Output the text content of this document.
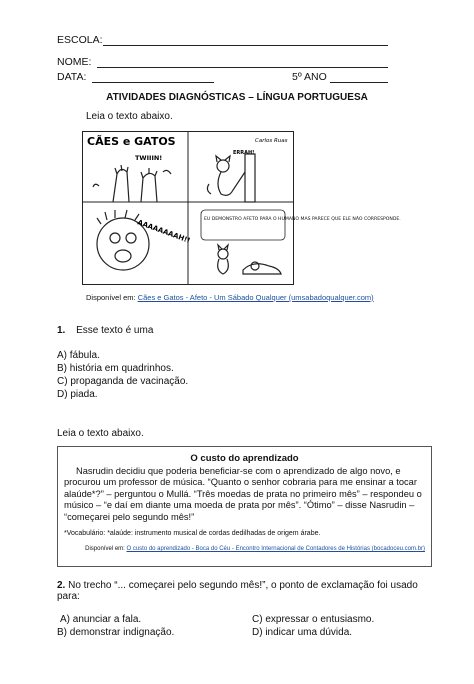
ESCOLA:
NOME:
DATA:	5º ANO
ATIVIDADES DIAGNÓSTICAS – LÍNGUA PORTUGUESA
Leia o texto abaixo.
CÃES e GATOS
TWIIIN!
Carlos Ruas
ERRAH!
AAAAAAAAH!!	EU DEMONSTRO AFETO PARA O HUMANO MAS PARECE QUE ELE NÃO CORRESPONDE.
Disponível em: Cães e Gatos - Afeto - Um Sábado Qualquer (umsabadoqualquer.com)
1. Esse texto é uma
A) fábula.
B) história em quadrinhos.
C) propaganda de vacinação.
D) piada.
Leia o texto abaixo.
O custo do aprendizado
Nasrudin decidiu que poderia beneficiar-se com o aprendizado de algo novo, e
procurou um professor de música. “Quanto o senhor cobraria para me ensinar a tocar
alaúde*?” – perguntou o Mullá. “Três moedas de prata no primeiro mês” – respondeu o
músico – “e daí em diante uma moeda de prata por mês”. “Ótimo” – disse Nasrudin –
“começarei pelo segundo mês!”
*Vocabulário: *alaúde: instrumento musical de cordas dedilhadas de origem árabe.
Disponível em: O custo do aprendizado - Boca do Céu - Encontro Internacional de Contadores de Histórias (bocadoceu.com.br)
2. No trecho “... começarei pelo segundo mês!”, o ponto de exclamação foi usado
para:
A) anunciar a fala.
B) demonstrar indignação.
C) expressar o entusiasmo.
D) indicar uma dúvida.
